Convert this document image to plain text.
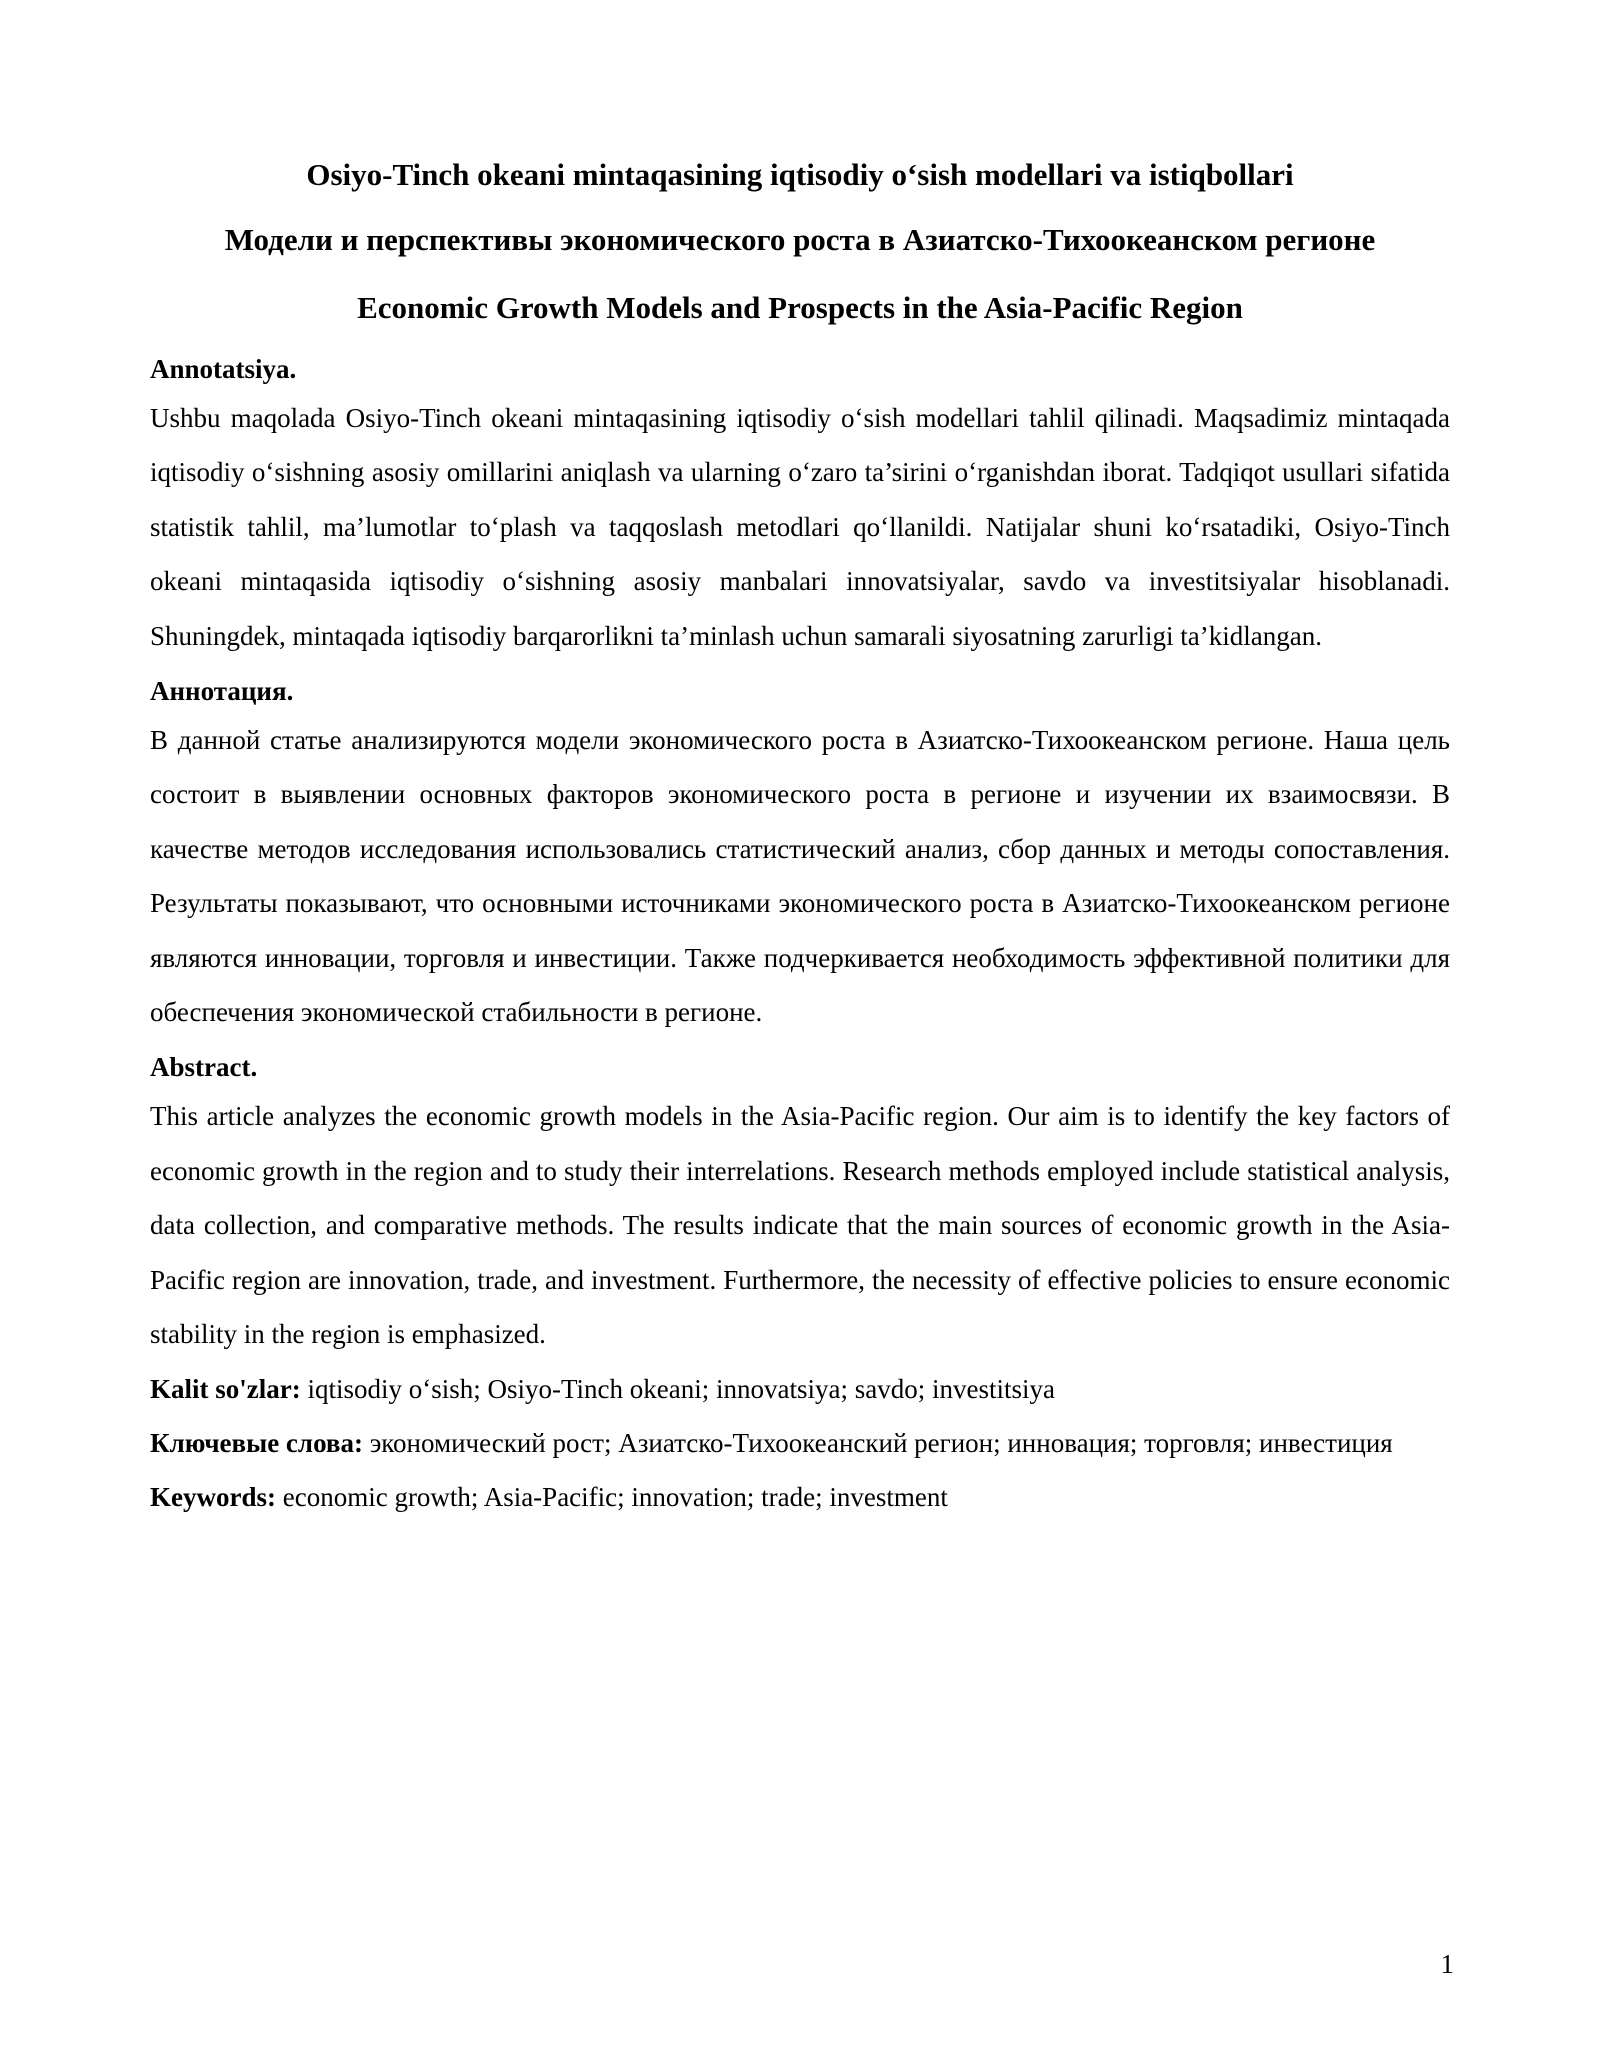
Osiyo-Tinch okeani mintaqasining iqtisodiy o‘sish modellari va istiqbollari
Модели и перспективы экономического роста в Азиатско-Тихоокеанском регионе
Economic Growth Models and Prospects in the Asia-Pacific Region
Annotatsiya.

Ushbu maqolada Osiyo-Tinch okeani mintaqasining iqtisodiy o‘sish modellari tahlil qilinadi. Maqsadimiz mintaqada iqtisodiy o‘sishning asosiy omillarini aniqlash va ularning o‘zaro ta’sirini o‘rganishdan iborat. Tadqiqot usullari sifatida statistik tahlil, ma’lumotlar to‘plash va taqqoslash metodlari qo‘llanildi. Natijalar shuni ko‘rsatadiki, Osiyo-Tinch okeani mintaqasida iqtisodiy o‘sishning asosiy manbalari innovatsiyalar, savdo va investitsiyalar hisoblanadi. Shuningdek, mintaqada iqtisodiy barqarorlikni ta’minlash uchun samarali siyosatning zarurligi ta’kidlangan.

Аннотация.

В данной статье анализируются модели экономического роста в Азиатско-Тихоокеанском регионе. Наша цель состоит в выявлении основных факторов экономического роста в регионе и изучении их взаимосвязи. В качестве методов исследования использовались статистический анализ, сбор данных и методы сопоставления. Результаты показывают, что основными источниками экономического роста в Азиатско-Тихоокеанском регионе являются инновации, торговля и инвестиции. Также подчеркивается необходимость эффективной политики для обеспечения экономической стабильности в регионе.

Abstract.

This article analyzes the economic growth models in the Asia-Pacific region. Our aim is to identify the key factors of economic growth in the region and to study their interrelations. Research methods employed include statistical analysis, data collection, and comparative methods. The results indicate that the main sources of economic growth in the Asia-Pacific region are innovation, trade, and investment. Furthermore, the necessity of effective policies to ensure economic stability in the region is emphasized.

Kalit so'zlar: iqtisodiy o‘sish; Osiyo-Tinch okeani; innovatsiya; savdo; investitsiya

Ключевые слова: экономический рост; Азиатско-Тихоокеанский регион; инновация; торговля; инвестиция

Keywords: economic growth; Asia-Pacific; innovation; trade; investment

1
